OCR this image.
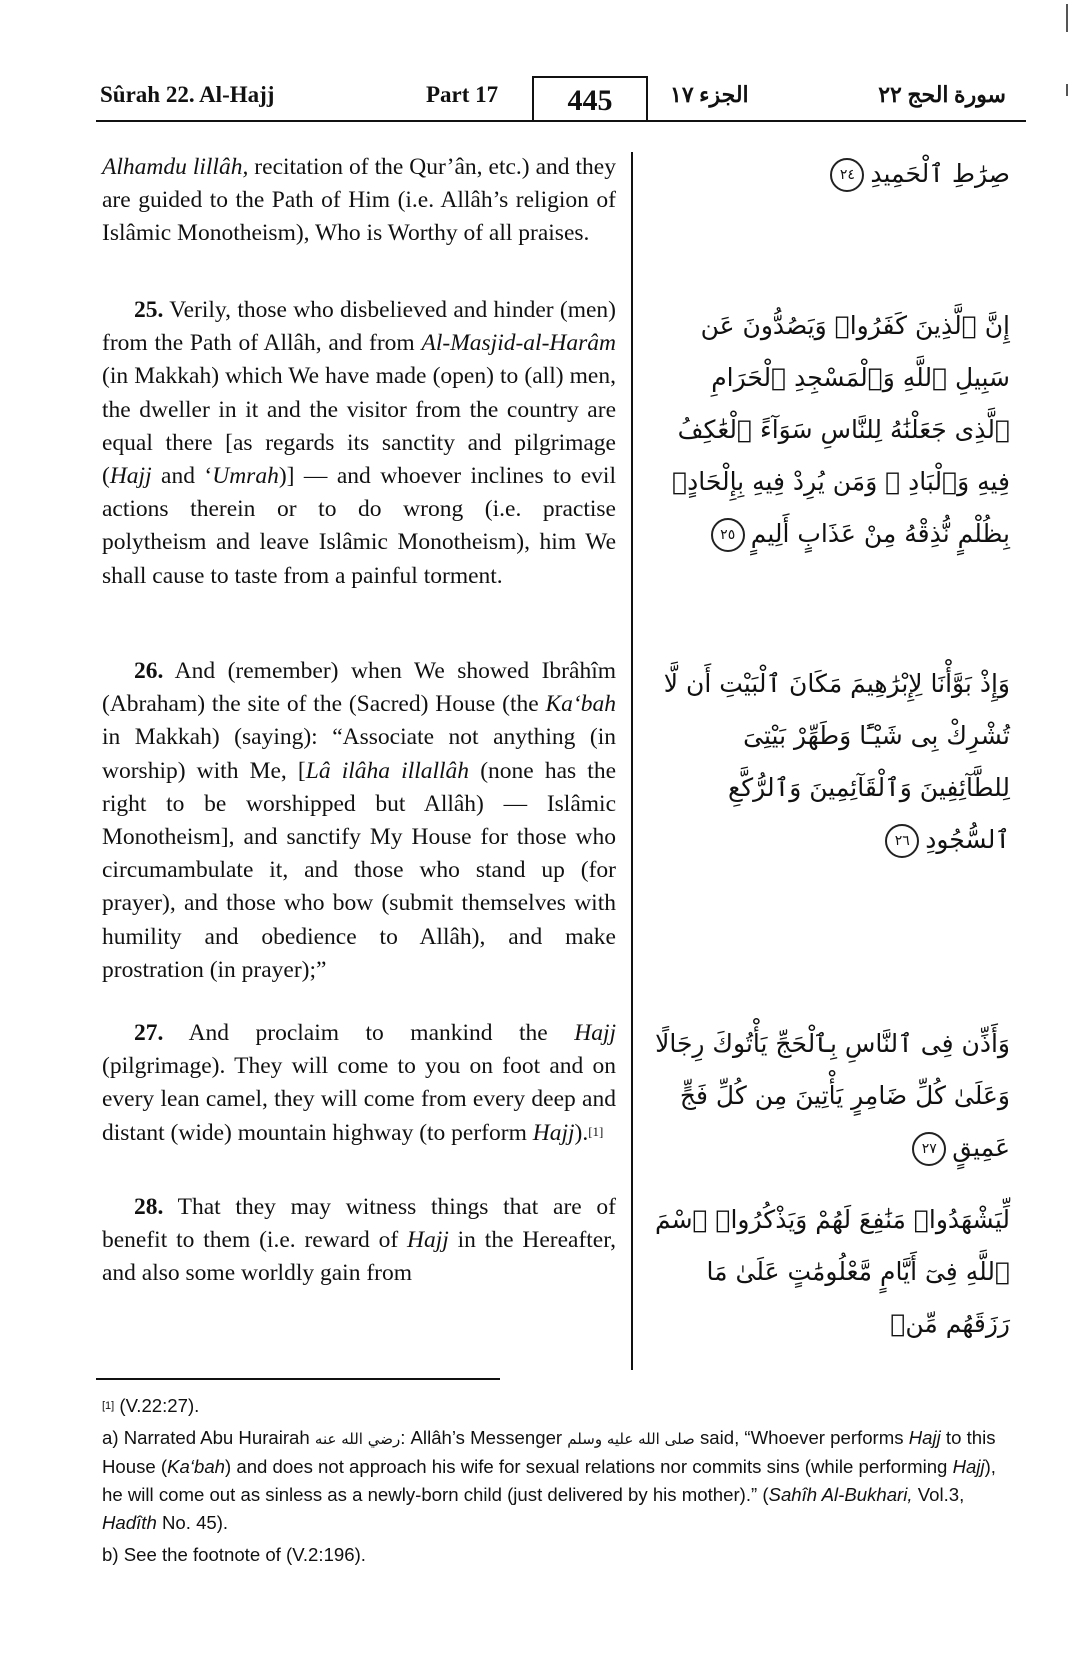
Sûrah 22. Al-Hajj	Part 17	445	الجزء ١٧	سورة الحج ٢٢

Alhamdu lillâh, recitation of the Qur’ân, etc.) and they are guided to the Path of Him (i.e. Allâh’s religion of Islâmic Monotheism), Who is Worthy of all praises.

25. Verily, those who disbelieved and hinder (men) from the Path of Allâh, and from Al-Masjid-al-Harâm (in Makkah) which We have made (open) to (all) men, the dweller in it and the visitor from the country are equal there [as regards its sanctity and pilgrimage (Hajj and ‘Umrah)] — and whoever inclines to evil actions therein or to do wrong (i.e. practise polytheism and leave Islâmic Monotheism), him We shall cause to taste from a painful torment.

26. And (remember) when We showed Ibrâhîm (Abraham) the site of the (Sacred) House (the Ka‘bah in Makkah) (saying): “Associate not anything (in worship) with Me, [Lâ ilâha illallâh (none has the right to be worshipped but Allâh) — Islâmic Monotheism], and sanctify My House for those who circumambulate it, and those who stand up (for prayer), and those who bow (submit themselves with humility and obedience to Allâh), and make prostration (in prayer);”

27. And proclaim to mankind the Hajj (pilgrimage). They will come to you on foot and on every lean camel, they will come from every deep and distant (wide) mountain highway (to perform Hajj).[1]

28. That they may witness things that are of benefit to them (i.e. reward of Hajj in the Hereafter, and also some worldly gain from

صِرَٰطِ ٱلْحَمِيدِ٢٤

إِنَّ ٱلَّذِينَ كَفَرُوا۟ وَيَصُدُّونَ عَن سَبِيلِ ٱللَّهِ وَٱلْمَسْجِدِ ٱلْحَرَامِ ٱلَّذِى جَعَلْنَٰهُ لِلنَّاسِ سَوَآءً ٱلْعَٰكِفُ فِيهِ وَٱلْبَادِ ۚ وَمَن يُرِدْ فِيهِ بِإِلْحَادٍۭ بِظُلْمٍ نُّذِقْهُ مِنْ عَذَابٍ أَلِيمٍ٢٥

وَإِذْ بَوَّأْنَا لِإِبْرَٰهِيمَ مَكَانَ ٱلْبَيْتِ أَن لَّا تُشْرِكْ بِى شَيْـًٔا وَطَهِّرْ بَيْتِىَ لِلطَّآئِفِينَ وَٱلْقَآئِمِينَ وَٱلرُّكَّعِ ٱلسُّجُودِ٢٦

وَأَذِّن فِى ٱلنَّاسِ بِٱلْحَجِّ يَأْتُوكَ رِجَالًا وَعَلَىٰ كُلِّ ضَامِرٍ يَأْتِينَ مِن كُلِّ فَجٍّ عَمِيقٍ٢٧

لِّيَشْهَدُوا۟ مَنَٰفِعَ لَهُمْ وَيَذْكُرُوا۟ ٱسْمَ ٱللَّهِ فِىٓ أَيَّامٍ مَّعْلُومَٰتٍ عَلَىٰ مَا رَزَقَهُم مِّنۢ

[1] (V.22:27).

a) Narrated Abu Hurairah رضي الله عنه: Allâh’s Messenger صلى الله عليه وسلم said, “Whoever performs Hajj to this House (Ka‘bah) and does not approach his wife for sexual relations nor commits sins (while performing Hajj), he will come out as sinless as a newly-born child (just delivered by his mother).” (Sahîh Al-Bukhari, Vol.3, Hadîth No. 45).

b) See the footnote of (V.2:196).
